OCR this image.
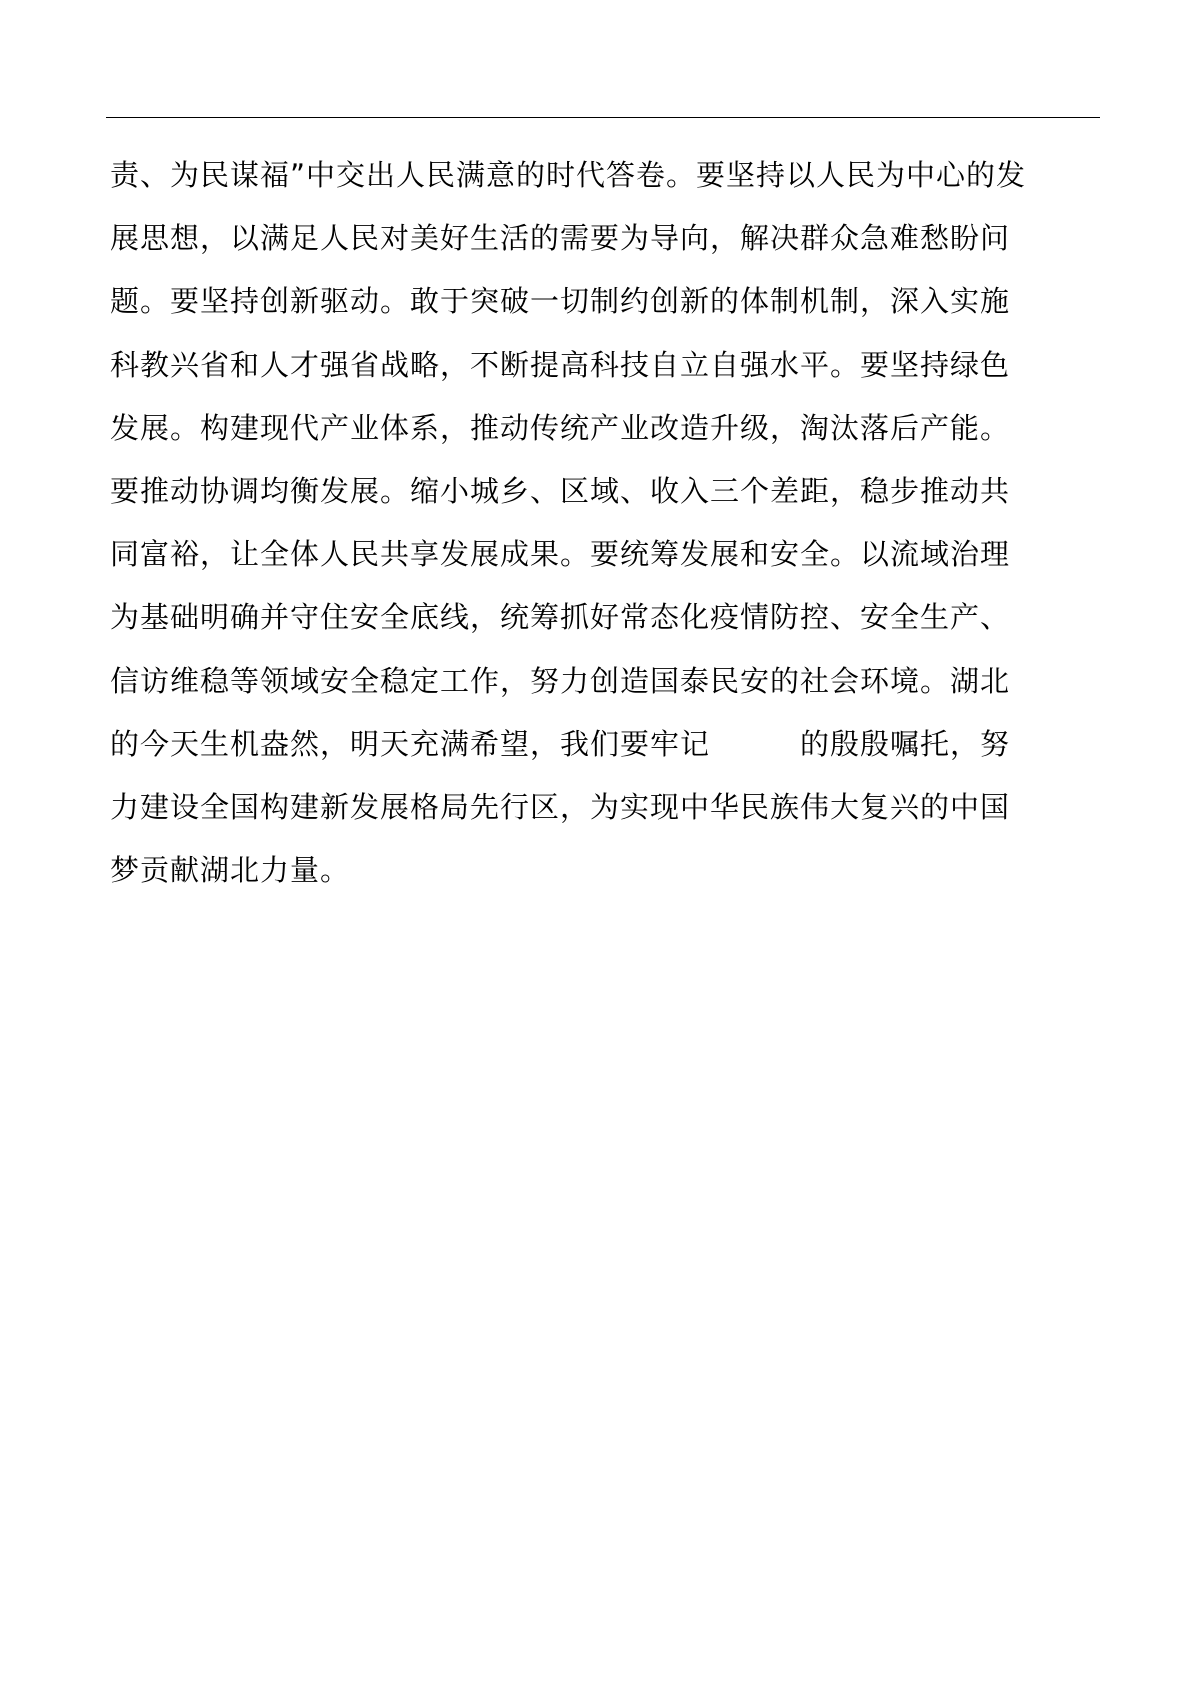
责、为民谋福”中交出人民满意的时代答卷。要坚持以人民为中心的发
展思想，以满足人民对美好生活的需要为导向，解决群众急难愁盼问
题。要坚持创新驱动。敢于突破一切制约创新的体制机制，深入实施
科教兴省和人才强省战略，不断提高科技自立自强水平。要坚持绿色
发展。构建现代产业体系，推动传统产业改造升级，淘汰落后产能。
要推动协调均衡发展。缩小城乡、区域、收入三个差距，稳步推动共
同富裕，让全体人民共享发展成果。要统筹发展和安全。以流域治理
为基础明确并守住安全底线，统筹抓好常态化疫情防控、安全生产、
信访维稳等领域安全稳定工作，努力创造国泰民安的社会环境。湖北
的今天生机盎然，明天充满希望，我们要牢记　　　的殷殷嘱托，努
力建设全国构建新发展格局先行区，为实现中华民族伟大复兴的中国
梦贡献湖北力量。
